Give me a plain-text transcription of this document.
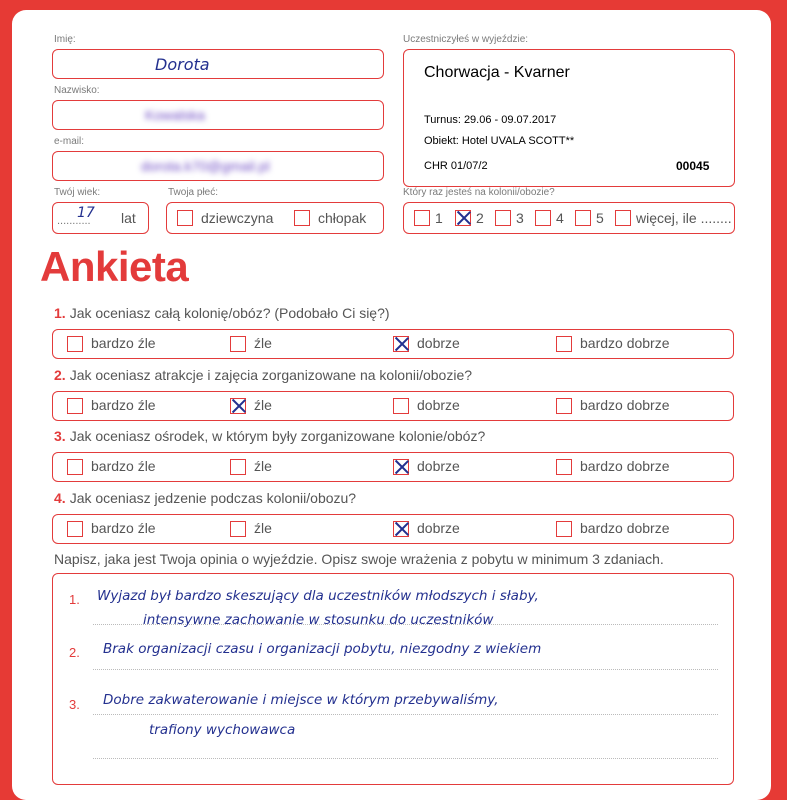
Imię:
Dorota
Nazwisko:
Kowalska
e-mail:
dorota.k70@gmail.pl
Twój wiek:
17
........... lat
Twoja płeć:
dziewczyna	chłopak
Uczestniczyłeś w wyjeździe:
Chorwacja - Kvarner
Turnus: 29.06 - 09.07.2017
Obiekt: Hotel UVALA SCOTT**
CHR 01/07/2	00045
Który raz jesteś na kolonii/obozie?
1 2 3 4 5 więcej, ile ........
Ankieta
1. Jak oceniasz całą kolonię/obóz? (Podobało Ci się?)
bardzo źle	źle	dobrze	bardzo dobrze
2. Jak oceniasz atrakcje i zajęcia zorganizowane na kolonii/obozie?
bardzo źle	źle	dobrze	bardzo dobrze
3. Jak oceniasz ośrodek, w którym były zorganizowane kolonie/obóz?
bardzo źle	źle	dobrze	bardzo dobrze
4. Jak oceniasz jedzenie podczas kolonii/obozu?
bardzo źle	źle	dobrze	bardzo dobrze
Napisz, jaka jest Twoja opinia o wyjeździe. Opisz swoje wrażenia z pobytu w minimum 3 zdaniach.
1. Wyjazd był bardzo skeszujący dla uczestników młodszych i słaby,
intensywne zachowanie w stosunku do uczestników
2. Brak organizacji czasu i organizacji pobytu, niezgodny z wiekiem
3. Dobre zakwaterowanie i miejsce w którym przebywaliśmy,
trafiony wychowawca
